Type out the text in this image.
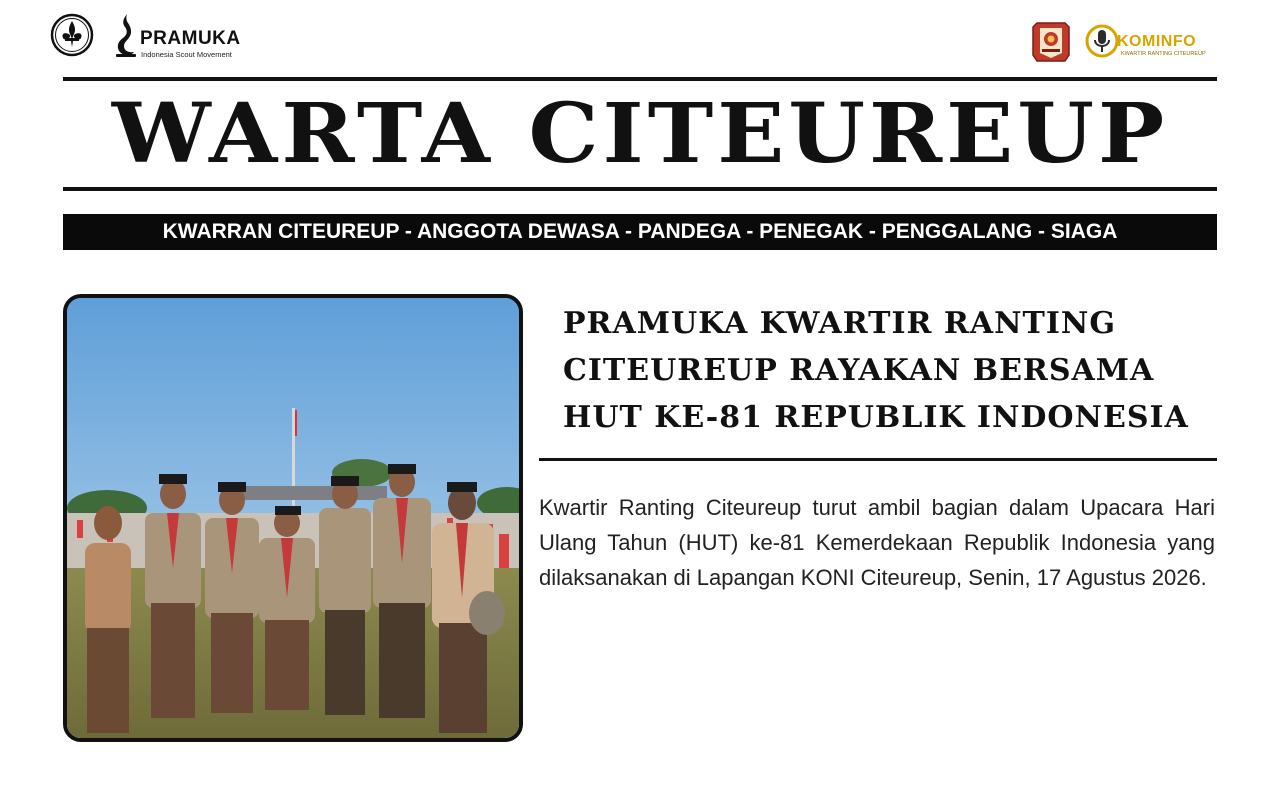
PRAMUKA
Indonesia Scout Movement
KOMINFO
KWARTIR RANTING CITEUREUP
WARTA CITEUREUP
KWARRAN CITEUREUP - ANGGOTA DEWASA - PANDEGA - PENEGAK - PENGGALANG - SIAGA
PRAMUKA KWARTIR RANTING
CITEUREUP RAYAKAN BERSAMA
HUT KE-81 REPUBLIK INDONESIA
Kwartir Ranting Citeureup turut ambil bagian dalam Upacara Hari Ulang Tahun (HUT) ke-81 Kemerdekaan Republik Indonesia yang dilaksanakan di Lapangan KONI Citeureup, Senin, 17 Agustus 2026.
